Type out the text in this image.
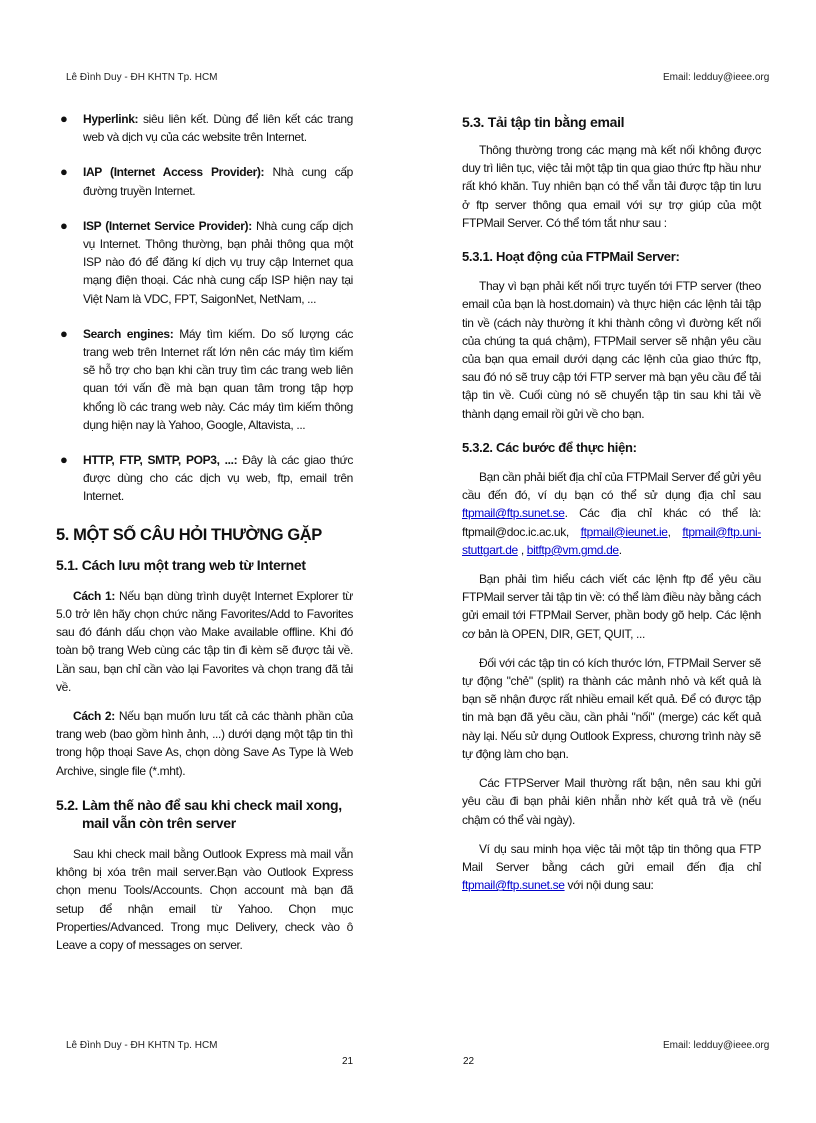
Lê Đình Duy - ĐH KHTN Tp. HCM	Email: ledduy@ieee.org
● Hyperlink: siêu liên kết. Dùng để liên kết các trang web và dịch vụ của các website trên Internet.
● IAP (Internet Access Provider): Nhà cung cấp đường truyền Internet.
● ISP (Internet Service Provider): Nhà cung cấp dịch vụ Internet. Thông thường, bạn phải thông qua một ISP nào đó để đăng kí dịch vụ truy cập Internet qua mạng điện thoại. Các nhà cung cấp ISP hiện nay tại Việt Nam là VDC, FPT, SaigonNet, NetNam, ...
● Search engines: Máy tìm kiếm. Do số lượng các trang web trên Internet rất lớn nên các máy tìm kiếm sẽ hỗ trợ cho bạn khi cần truy tìm các trang web liên quan tới vấn đề mà bạn quan tâm trong tập hợp khổng lồ các trang web này. Các máy tìm kiếm thông dụng hiện nay là Yahoo, Google, Altavista, ...
● HTTP, FTP, SMTP, POP3, ...: Đây là các giao thức được dùng cho các dịch vụ web, ftp, email trên Internet.
5. MỘT SỐ CÂU HỎI THƯỜNG GẶP
5.1. Cách lưu một trang web từ Internet

Cách 1: Nếu bạn dùng trình duyệt Internet Explorer từ 5.0 trở lên hãy chọn chức năng Favorites/Add to Favorites sau đó đánh dấu chọn vào Make available offline. Khi đó toàn bộ trang Web cùng các tập tin đi kèm sẽ được tải về. Lần sau, bạn chỉ cần vào lại Favorites và chọn trang đã tải về.

Cách 2: Nếu bạn muốn lưu tất cả các thành phần của trang web (bao gồm hình ảnh, ...) dưới dạng một tập tin thì trong hộp thoại Save As, chọn dòng Save As Type là Web Archive, single file (*.mht).

5.2. Làm thế nào để sau khi check mail xong, mail vẫn còn trên server

Sau khi check mail bằng Outlook Express mà mail vẫn không bị xóa trên mail server.Bạn vào Outlook Express chọn menu Tools/Accounts. Chọn account mà bạn đã setup để nhận email từ Yahoo. Chọn mục Properties/Advanced. Trong mục Delivery, check vào ô Leave a copy of messages on server.

5.3. Tải tập tin bằng email

Thông thường trong các mạng mà kết nối không được duy trì liên tục, việc tải một tập tin qua giao thức ftp hầu như rất khó khăn. Tuy nhiên bạn có thể vẫn tải được tập tin lưu ở ftp server thông qua email với sự trợ giúp của một FTPMail Server. Có thể tóm tắt như sau :

5.3.1. Hoạt động của FTPMail Server:

Thay vì bạn phải kết nối trực tuyến tới FTP server (theo email của bạn là host.domain) và thực hiện các lệnh tải tập tin về (cách này thường ít khi thành công vì đường kết nối của chúng ta quá chậm), FTPMail server sẽ nhận yêu cầu của bạn qua email dưới dạng các lệnh của giao thức ftp, sau đó nó sẽ truy cập tới FTP server mà bạn yêu cầu để tải tập tin về. Cuối cùng nó sẽ chuyển tập tin sau khi tải về thành dạng email rồi gửi về cho bạn.

5.3.2. Các bước để thực hiện:

Bạn cần phải biết địa chỉ của FTPMail Server để gửi yêu cầu đến đó, ví dụ bạn có thể sử dụng địa chỉ sau ftpmail@ftp.sunet.se. Các địa chỉ khác có thể là: ftpmail@doc.ic.ac.uk, ftpmail@ieunet.ie, ftpmail@ftp.uni-stuttgart.de , bitftp@vm.gmd.de.

Bạn phải tìm hiểu cách viết các lệnh ftp để yêu cầu FTPMail server tải tập tin về: có thể làm điều này bằng cách gửi email tới FTPMail Server, phần body gõ help. Các lệnh cơ bản là OPEN, DIR, GET, QUIT, ...

Đối với các tập tin có kích thước lớn, FTPMail Server sẽ tự động "chẻ" (split) ra thành các mảnh nhỏ và kết quả là bạn sẽ nhận được rất nhiều email kết quả. Để có được tập tin mà bạn đã yêu cầu, cần phải "nối" (merge) các kết quả này lại. Nếu sử dụng Outlook Express, chương trình này sẽ tự động làm cho bạn.

Các FTPServer Mail thường rất bận, nên sau khi gửi yêu cầu đi bạn phải kiên nhẫn nhờ kết quả trả về (nếu chậm có thể vài ngày).

Ví dụ sau minh họa việc tải một tập tin thông qua FTP Mail Server bằng cách gửi email đến địa chỉ ftpmail@ftp.sunet.se với nội dung sau:

Lê Đình Duy - ĐH KHTN Tp. HCM	Email: ledduy@ieee.org
21	22
